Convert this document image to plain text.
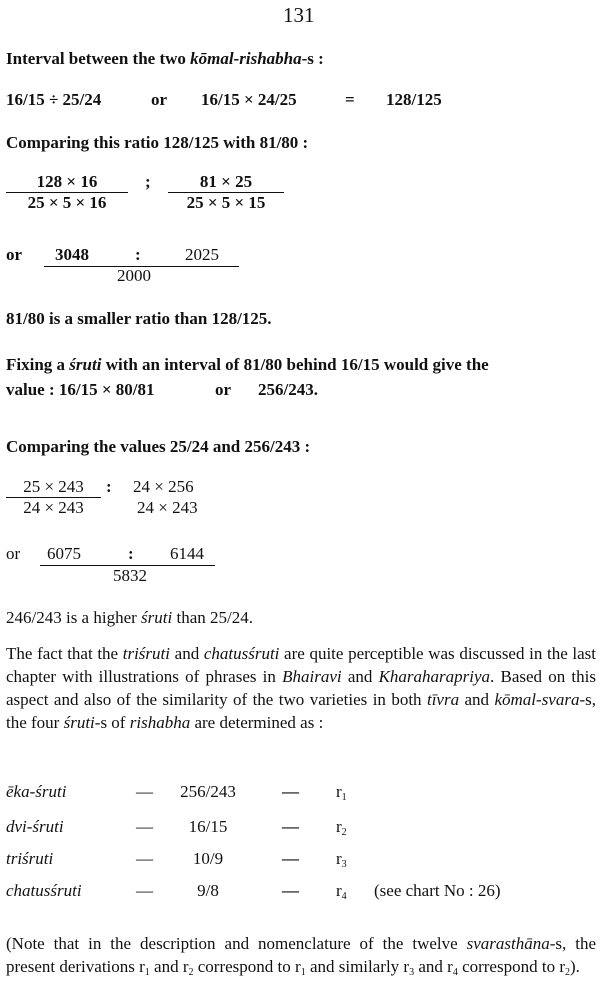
131
Interval between the two kōmal-rishabha-s :
16/15 ÷ 25/24	or 16/15 × 24/25	= 128/125
Comparing this ratio 128/125 with 81/80 :
128 × 16
25 × 5 × 16
;	81 × 25
25 × 5 × 15
or 3048	:	2025
2000
81/80 is a smaller ratio than 128/125.
Fixing a śruti with an interval of 81/80 behind 16/15 would give the
value : 16/15 × 80/81	or 256/243.
Comparing the values 25/24 and 256/243 :
25 × 243
24 × 243
: 24 × 256
24 × 243
or 6075	: 6144
5832
246/243 is a higher śruti than 25/24.
The fact that the triśruti and chatusśruti are quite perceptible was discussed in the last chapter with illustrations of phrases in Bhairavi and Kharaharapriya. Based on this aspect and also of the similarity of the two varieties in both tīvra and kōmal-svara-s, the four śruti-s of rishabha are determined as :
ēka-śruti	—	256/243	— $r_1$
dvi-śruti	—	16/15	— $r_2$
triśruti	—	10/9	— $r_3$
chatusśruti	—	9/8	— $r_4$ (see chart No : 26)
(Note that in the description and nomenclature of the twelve svarasthāna-s, the present derivations $r_1$ and $r_2$ correspond to $r_1$ and similarly $r_3$ and $r_4$ correspond to $r_2$).
